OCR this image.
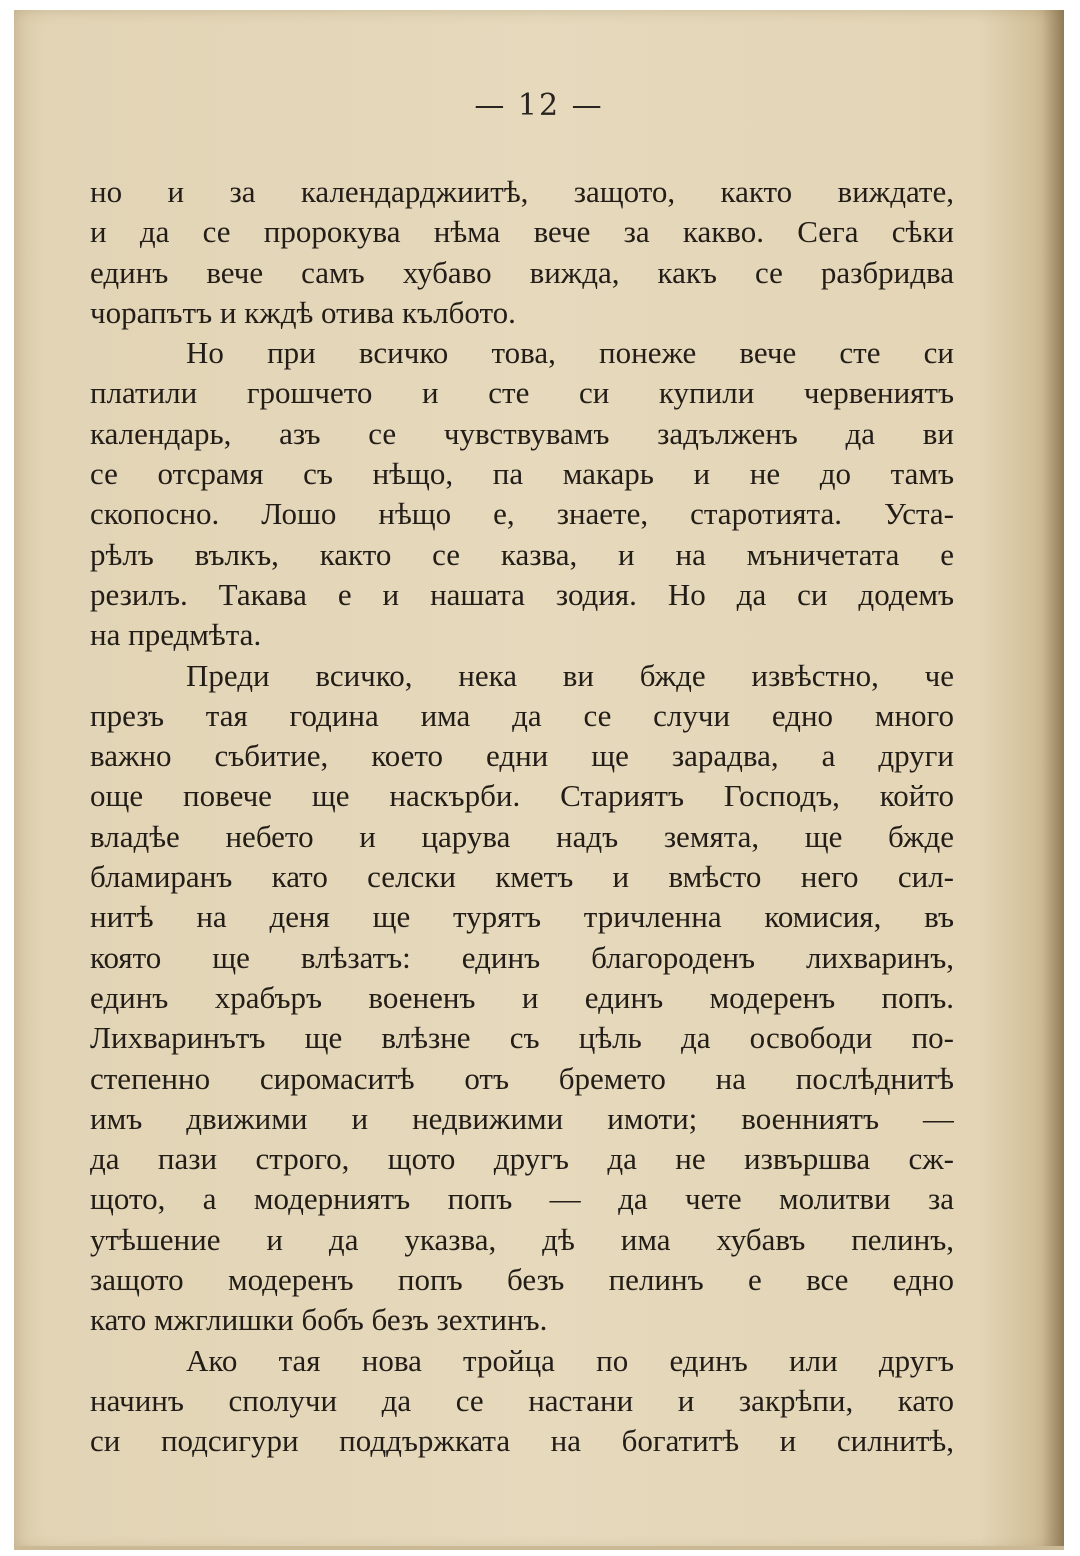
— 12 —
но и за календарджиитѣ, защото, както виждате,
и да се пророкува нѣма вече за какво. Сега сѣки
единъ вече самъ хубаво вижда, какъ се разбридва
чорапътъ и кждѣ отива кълбото.
Но при всичко това, понеже вече сте си
платили грошчето и сте си купили червениятъ
календарь, азъ се чувствувамъ задълженъ да ви
се отсрамя съ нѣщо, па макарь и не до тамъ
скопосно. Лошо нѣщо е, знаете, старотията. Уста-
рѣлъ вълкъ, както се казва, и на мъничетата е
резилъ. Такава е и нашата зодия. Но да си додемъ
на предмѣта.
Преди всичко, нека ви бжде извѣстно, че
презъ тая година има да се случи едно много
важно събитие, което едни ще зарадва, а други
още повече ще наскърби. Стариятъ Господъ, който
владѣе небето и царува надъ земята, ще бжде
бламиранъ като селски кметъ и вмѣсто него сил-
нитѣ на деня ще турятъ тричленна комисия, въ
която ще влѣзатъ: единъ благороденъ лихваринъ,
единъ храбъръ воененъ и единъ модеренъ попъ.
Лихваринътъ ще влѣзне съ цѣль да освободи по-
степенно сиромаситѣ отъ бремето на послѣднитѣ
имъ движими и недвижими имоти; военниятъ —
да пази строго, щото другъ да не извършва сж-
щото, а модерниятъ попъ — да чете молитви за
утѣшение и да указва, дѣ има хубавъ пелинъ,
защото модеренъ попъ безъ пелинъ е все едно
като мжглишки бобъ безъ зехтинъ.
Ако тая нова тройца по единъ или другъ
начинъ сполучи да се настани и закрѣпи, като
си подсигури поддържката на богатитѣ и силнитѣ,
